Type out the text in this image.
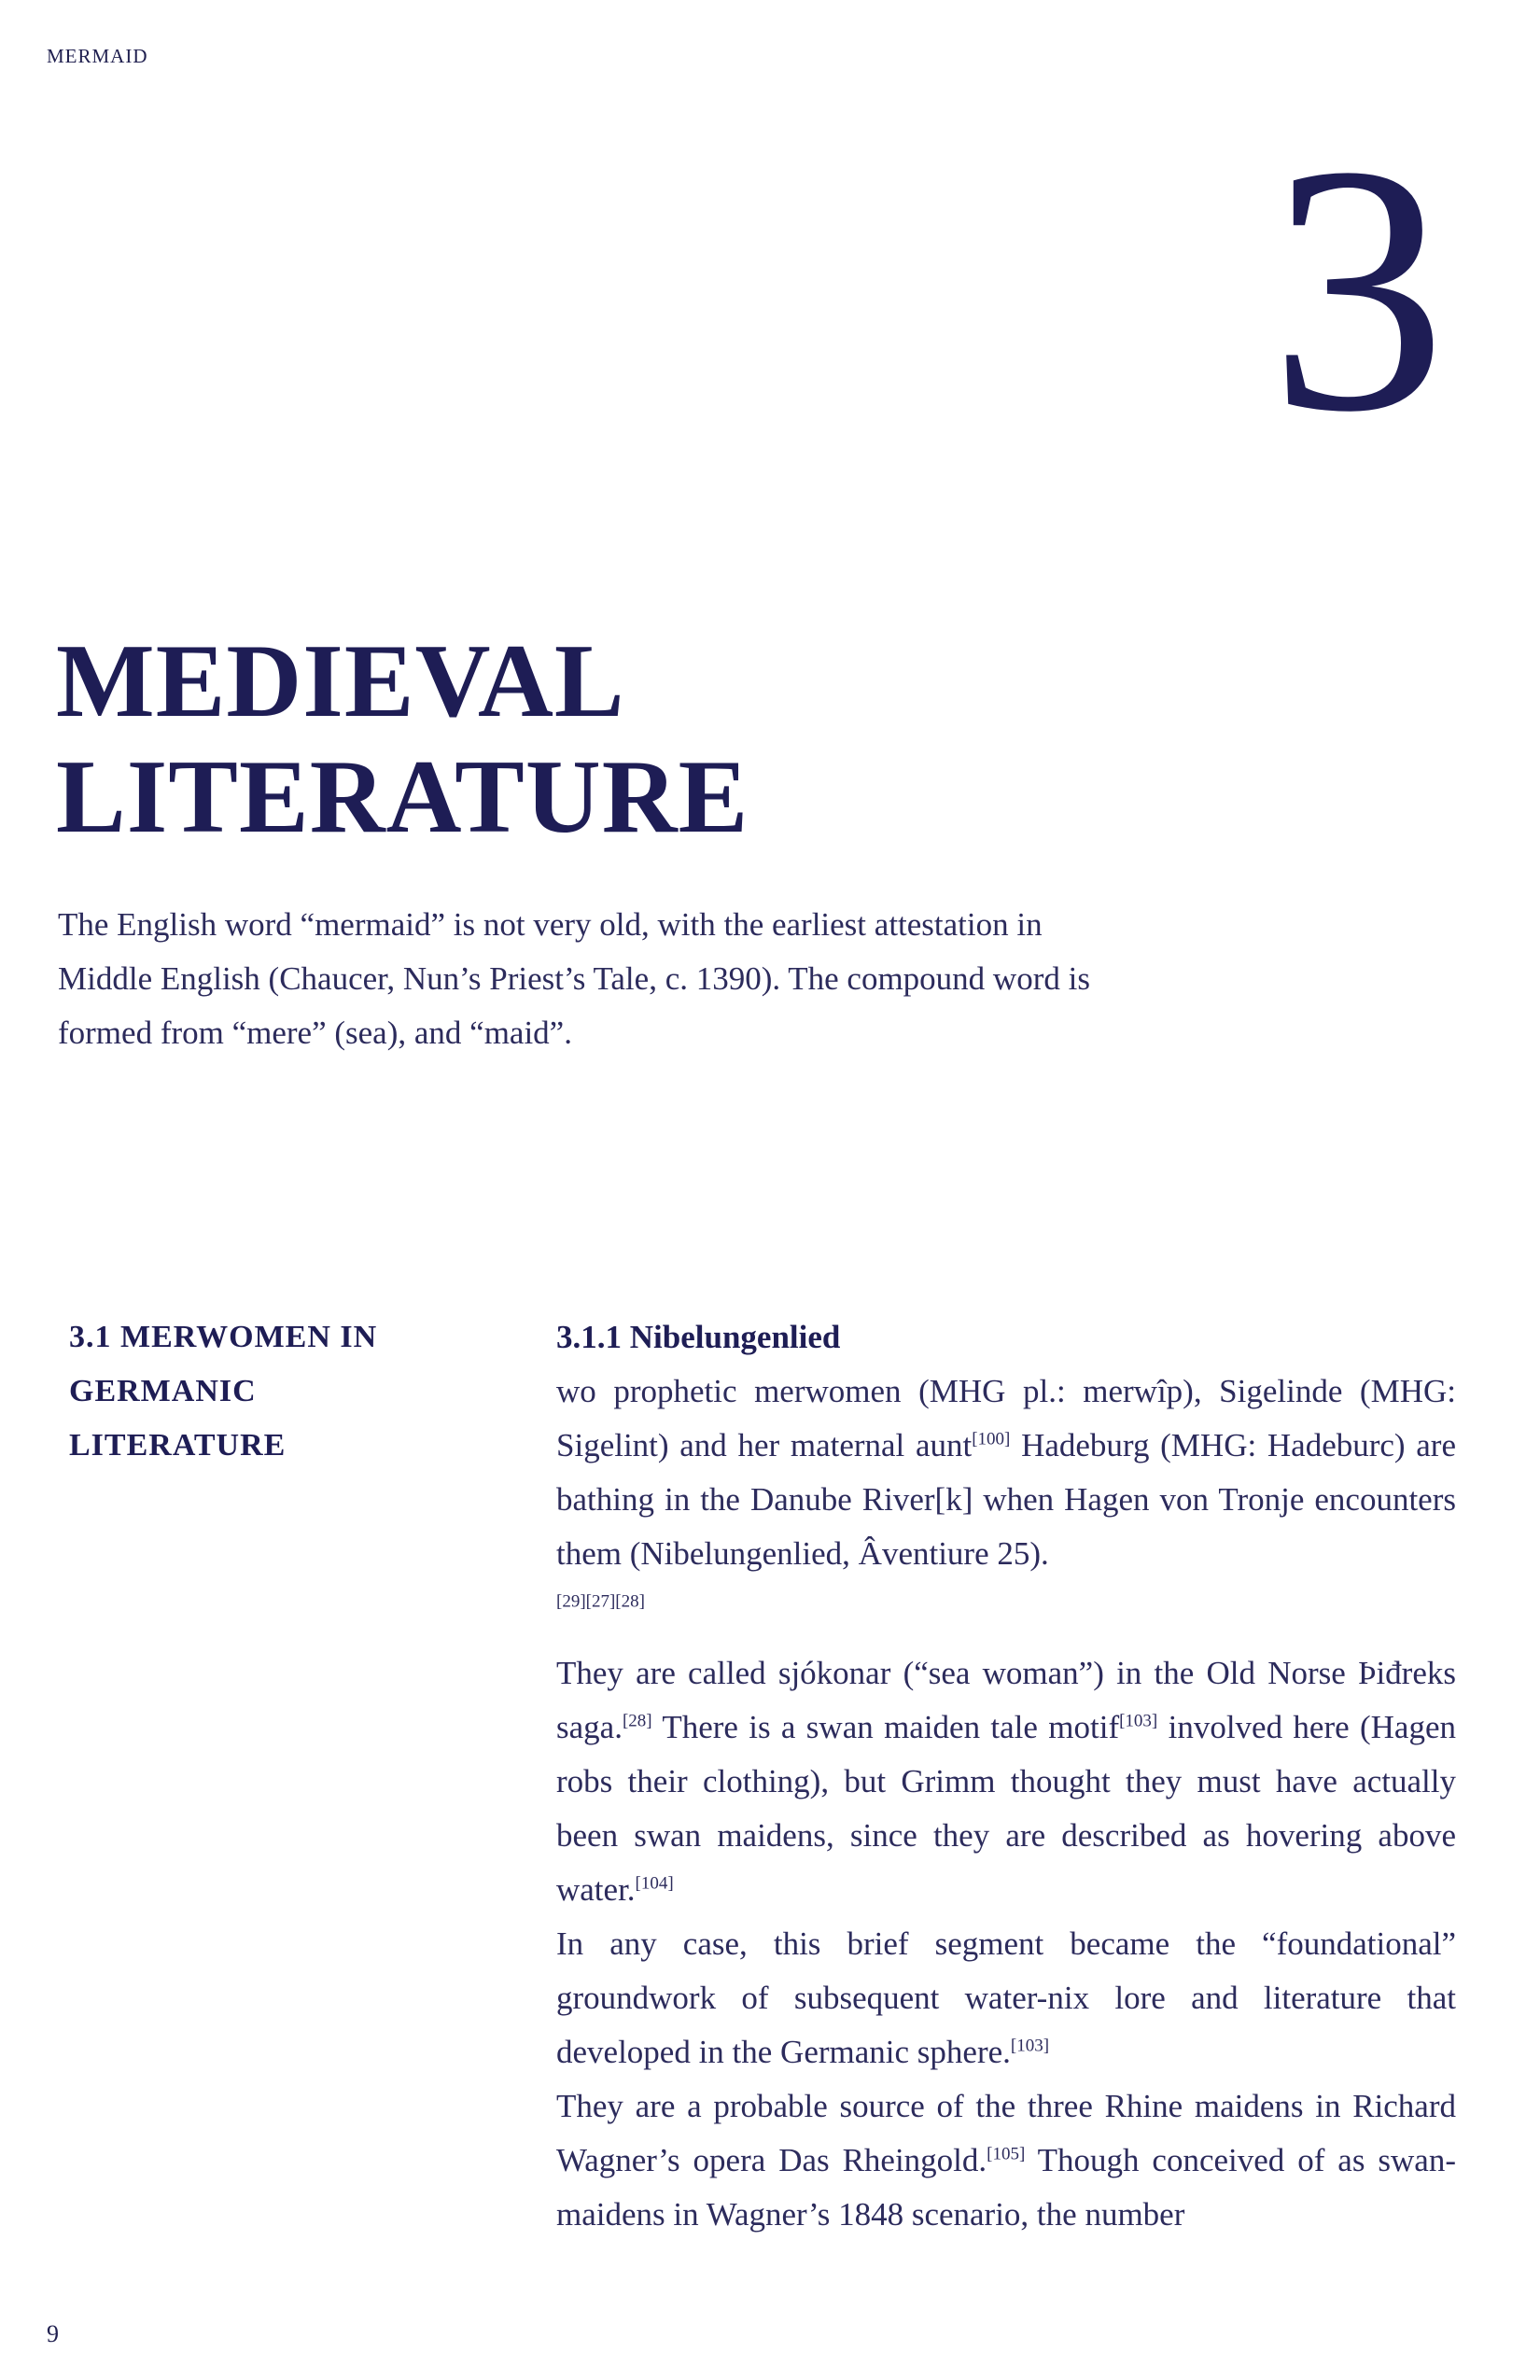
MERMAID
3
MEDIEVAL
LITERATURE
The English word “mermaid” is not very old, with the earliest attestation in Middle English (Chaucer, Nun’s Priest’s Tale, c. 1390). The compound word is formed from “mere” (sea), and “maid”.
3.1 MERWOMEN IN
GERMANIC
LITERATURE
3.1.1 Nibelungenlied

wo prophetic merwomen (MHG pl.: merwîp), Sigelinde (MHG: Sigelint) and her maternal aunt[100] Hadeburg (MHG: Hadeburc) are bathing in the Danube River[k] when Hagen von Tronje encounters them (Nibelungenlied, Âventiure 25).
[29][27][28]

They are called sjókonar (“sea woman”) in the Old Norse Þiđreks saga.[28] There is a swan maiden tale motif[103] involved here (Hagen robs their clothing), but Grimm thought they must have actually been swan maidens, since they are described as hovering above water.[104]

In any case, this brief segment became the “foundational” groundwork of subsequent water-nix lore and literature that developed in the Germanic sphere.[103]

They are a probable source of the three Rhine maidens in Richard Wagner’s opera Das Rheingold.[105] Though conceived of as swan-maidens in Wagner’s 1848 scenario, the number

9
